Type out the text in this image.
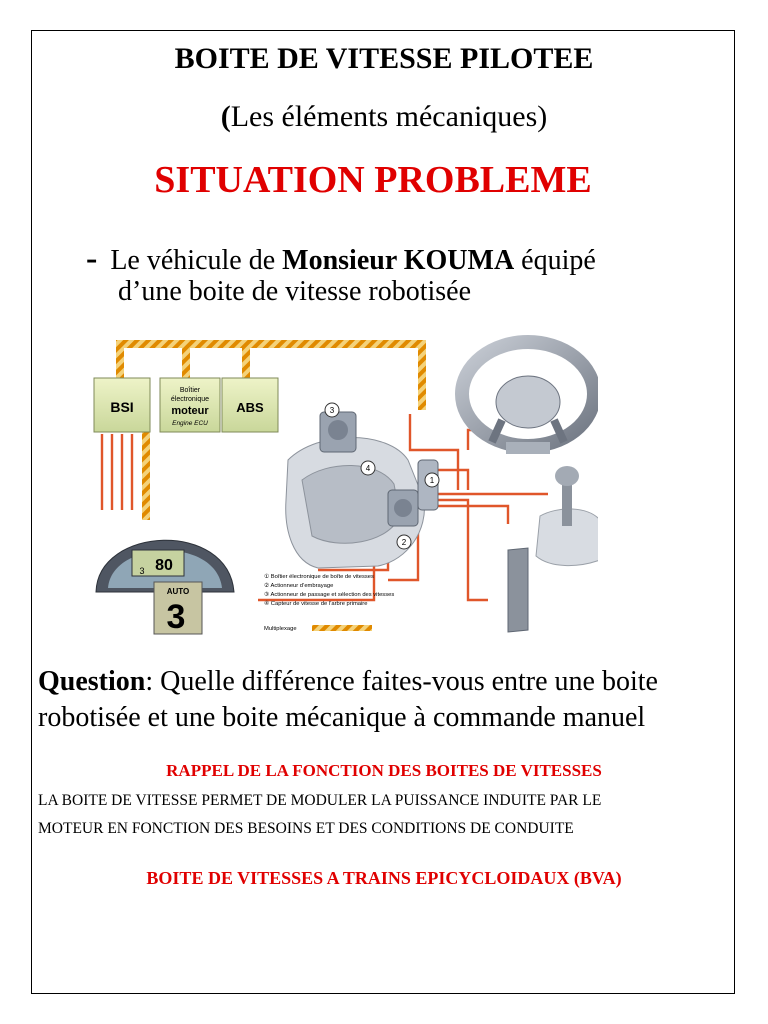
BOITE DE VITESSE PILOTEE
(Les éléments mécaniques)
SITUATION PROBLEME
- Le véhicule de Monsieur KOUMA équipé
d’une boite de vitesse robotisée
BSI
Boîtier
électronique
moteur
Engine ECU
ABS	3
4
2
1
80
3
AUTO
3
① Boîtier électronique de boîte de vitesses
② Actionneur d’embrayage
③ Actionneur de passage et sélection des vitesses
④ Capteur de vitesse de l’arbre primaire
Multiplexage
Question: Quelle différence faites-vous entre une boite
robotisée et une boite mécanique à commande manuel
RAPPEL DE LA FONCTION DES BOITES DE VITESSES
LA BOITE DE VITESSE PERMET DE MODULER LA PUISSANCE INDUITE PAR LE
MOTEUR EN FONCTION DES BESOINS ET DES CONDITIONS DE CONDUITE
BOITE DE VITESSES A TRAINS EPICYCLOIDAUX (BVA)
